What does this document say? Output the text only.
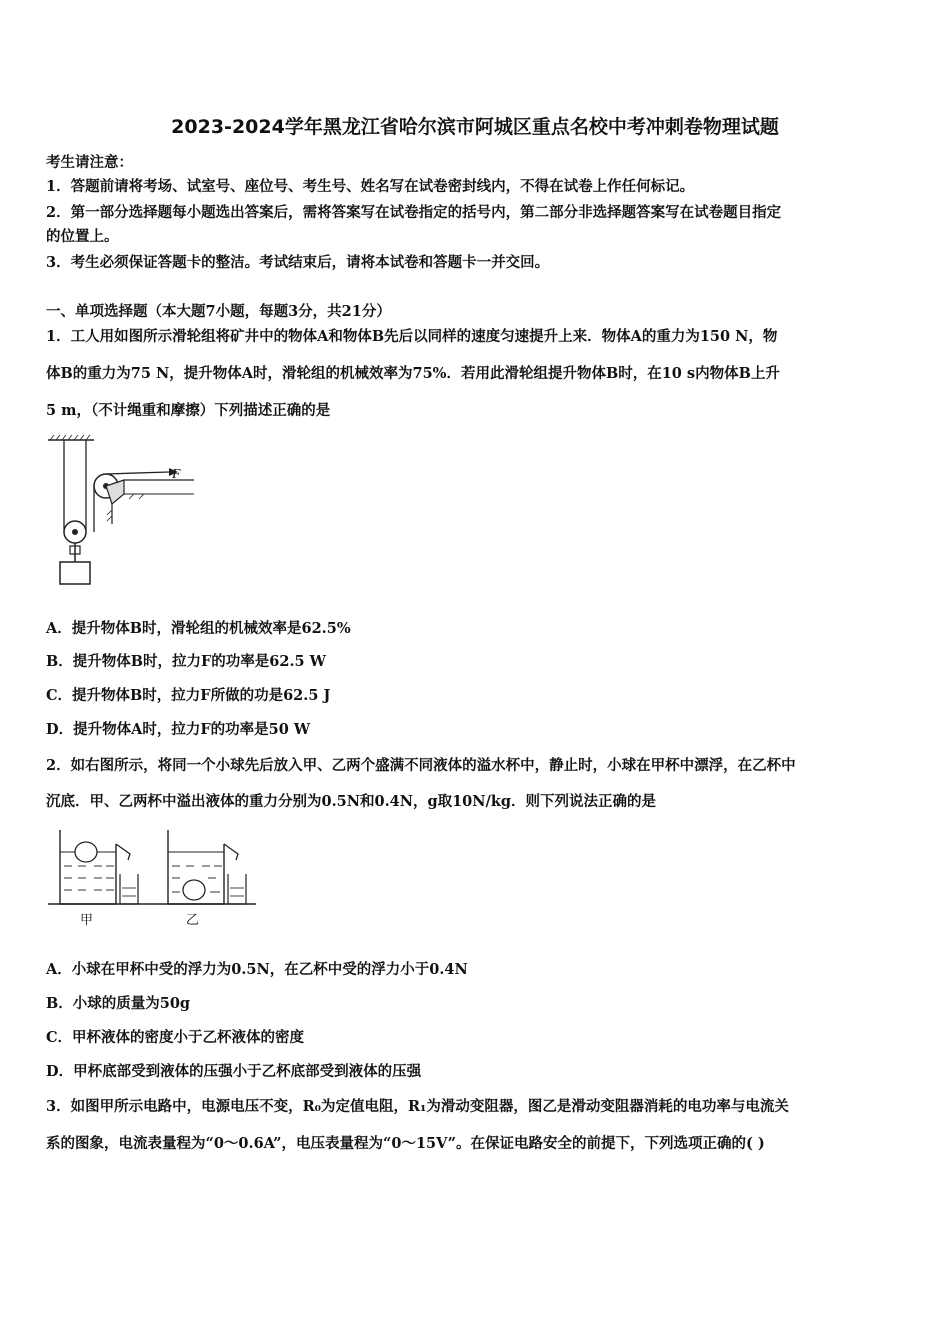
2023-2024学年黑龙江省哈尔滨市阿城区重点名校中考冲刺卷物理试题
考生请注意：
1．答题前请将考场、试室号、座位号、考生号、姓名写在试卷密封线内，不得在试卷上作任何标记。
2．第一部分选择题每小题选出答案后，需将答案写在试卷指定的括号内，第二部分非选择题答案写在试卷题目指定
的位置上。
3．考生必须保证答题卡的整洁。考试结束后，请将本试卷和答题卡一并交回。
一、单项选择题（本大题7小题，每题3分，共21分）
1．工人用如图所示滑轮组将矿井中的物体A和物体B先后以同样的速度匀速提升上来．物体A的重力为150 N，物
体B的重力为75 N，提升物体A时，滑轮组的机械效率为75%．若用此滑轮组提升物体B时，在10 s内物体B上升
5 m，（不计绳重和摩擦）下列描述正确的是
F
A．提升物体B时，滑轮组的机械效率是62.5%
B．提升物体B时，拉力F的功率是62.5 W
C．提升物体B时，拉力F所做的功是62.5 J
D．提升物体A时，拉力F的功率是50 W
2．如右图所示，将同一个小球先后放入甲、乙两个盛满不同液体的溢水杯中，静止时，小球在甲杯中漂浮，在乙杯中
沉底．甲、乙两杯中溢出液体的重力分别为0.5N和0.4N，g取10N/kg．则下列说法正确的是
甲	乙
A．小球在甲杯中受的浮力为0.5N，在乙杯中受的浮力小于0.4N
B．小球的质量为50g
C．甲杯液体的密度小于乙杯液体的密度
D．甲杯底部受到液体的压强小于乙杯底部受到液体的压强
3．如图甲所示电路中，电源电压不变，R₀为定值电阻，R₁为滑动变阻器，图乙是滑动变阻器消耗的电功率与电流关
系的图象，电流表量程为“0～0.6A”，电压表量程为“0～15V”。在保证电路安全的前提下，下列选项正确的( )
